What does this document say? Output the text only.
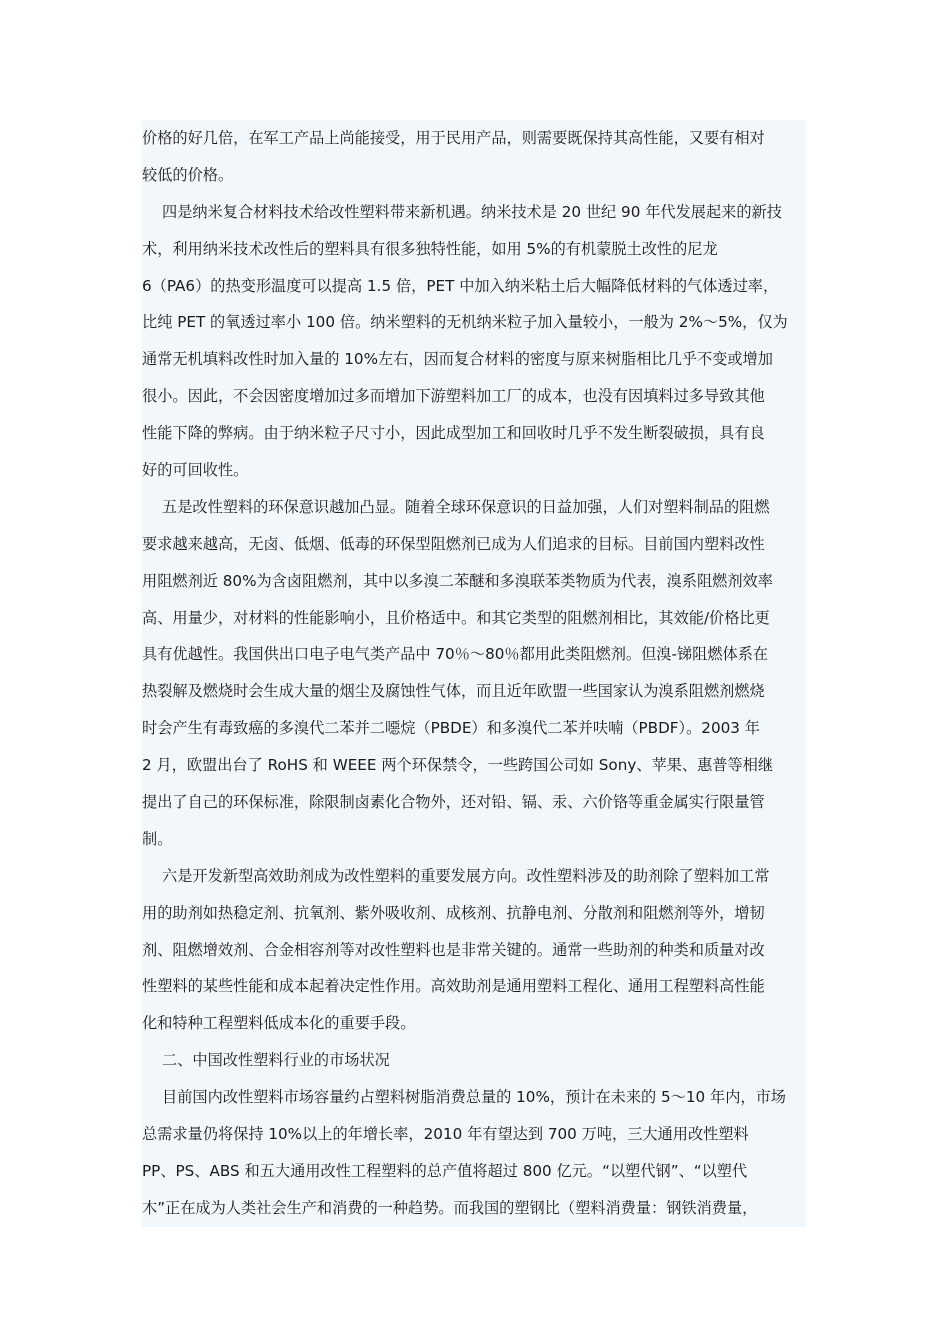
价格的好几倍，在军工产品上尚能接受，用于民用产品，则需要既保持其高性能，又要有相对
较低的价格。
四是纳米复合材料技术给改性塑料带来新机遇。纳米技术是 20 世纪 90 年代发展起来的新技
术，利用纳米技术改性后的塑料具有很多独特性能，如用 5%的有机蒙脱土改性的尼龙
6（PA6）的热变形温度可以提高 1.5 倍，PET 中加入纳米粘土后大幅降低材料的气体透过率，
比纯 PET 的氧透过率小 100 倍。纳米塑料的无机纳米粒子加入量较小，一般为 2%～5%，仅为
通常无机填料改性时加入量的 10%左右，因而复合材料的密度与原来树脂相比几乎不变或增加
很小。因此，不会因密度增加过多而增加下游塑料加工厂的成本，也没有因填料过多导致其他
性能下降的弊病。由于纳米粒子尺寸小，因此成型加工和回收时几乎不发生断裂破损，具有良
好的可回收性。
五是改性塑料的环保意识越加凸显。随着全球环保意识的日益加强，人们对塑料制品的阻燃
要求越来越高，无卤、低烟、低毒的环保型阻燃剂已成为人们追求的目标。目前国内塑料改性
用阻燃剂近 80%为含卤阻燃剂，其中以多溴二苯醚和多溴联苯类物质为代表，溴系阻燃剂效率
高、用量少，对材料的性能影响小，且价格适中。和其它类型的阻燃剂相比，其效能/价格比更
具有优越性。我国供出口电子电气类产品中 70％～80％都用此类阻燃剂。但溴-锑阻燃体系在
热裂解及燃烧时会生成大量的烟尘及腐蚀性气体，而且近年欧盟一些国家认为溴系阻燃剂燃烧
时会产生有毒致癌的多溴代二苯并二噁烷（PBDE）和多溴代二苯并呋喃（PBDF）。2003 年
2 月，欧盟出台了 RoHS 和 WEEE 两个环保禁令，一些跨国公司如 Sony、苹果、惠普等相继
提出了自己的环保标准，除限制卤素化合物外，还对铅、镉、汞、六价铬等重金属实行限量管
制。
六是开发新型高效助剂成为改性塑料的重要发展方向。改性塑料涉及的助剂除了塑料加工常
用的助剂如热稳定剂、抗氧剂、紫外吸收剂、成核剂、抗静电剂、分散剂和阻燃剂等外，增韧
剂、阻燃增效剂、合金相容剂等对改性塑料也是非常关键的。通常一些助剂的种类和质量对改
性塑料的某些性能和成本起着决定性作用。高效助剂是通用塑料工程化、通用工程塑料高性能
化和特种工程塑料低成本化的重要手段。
二、中国改性塑料行业的市场状况
目前国内改性塑料市场容量约占塑料树脂消费总量的 10%，预计在未来的 5～10 年内，市场
总需求量仍将保持 10%以上的年增长率，2010 年有望达到 700 万吨，三大通用改性塑料
PP、PS、ABS 和五大通用改性工程塑料的总产值将超过 800 亿元。“以塑代钢”、“以塑代
木”正在成为人类社会生产和消费的一种趋势。而我国的塑钢比（塑料消费量：钢铁消费量，
